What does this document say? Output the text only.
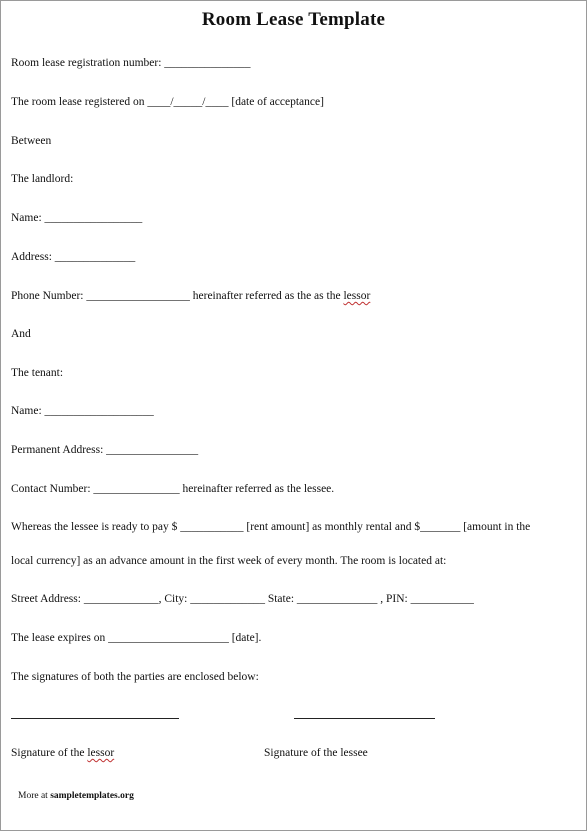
Room Lease Template
Room lease registration number: _______________
The room lease registered on ____/_____/____ [date of acceptance]
Between
The landlord:
Name: _________________
Address: ______________
Phone Number: __________________ hereinafter referred as the as the lessor
And
The tenant:
Name: ___________________
Permanent Address: ________________
Contact Number: _______________ hereinafter referred as the lessee.
Whereas the lessee is ready to pay $ ___________ [rent amount] as monthly rental and $_______ [amount in the
local currency] as an advance amount in the first week of every month. The room is located at:
Street Address: _____________, City: _____________ State: ______________ , PIN: ___________
The lease expires on _____________________ [date].
The signatures of both the parties are enclosed below:
Signature of the lessor	Signature of the lessee
More at sampletemplates.org
